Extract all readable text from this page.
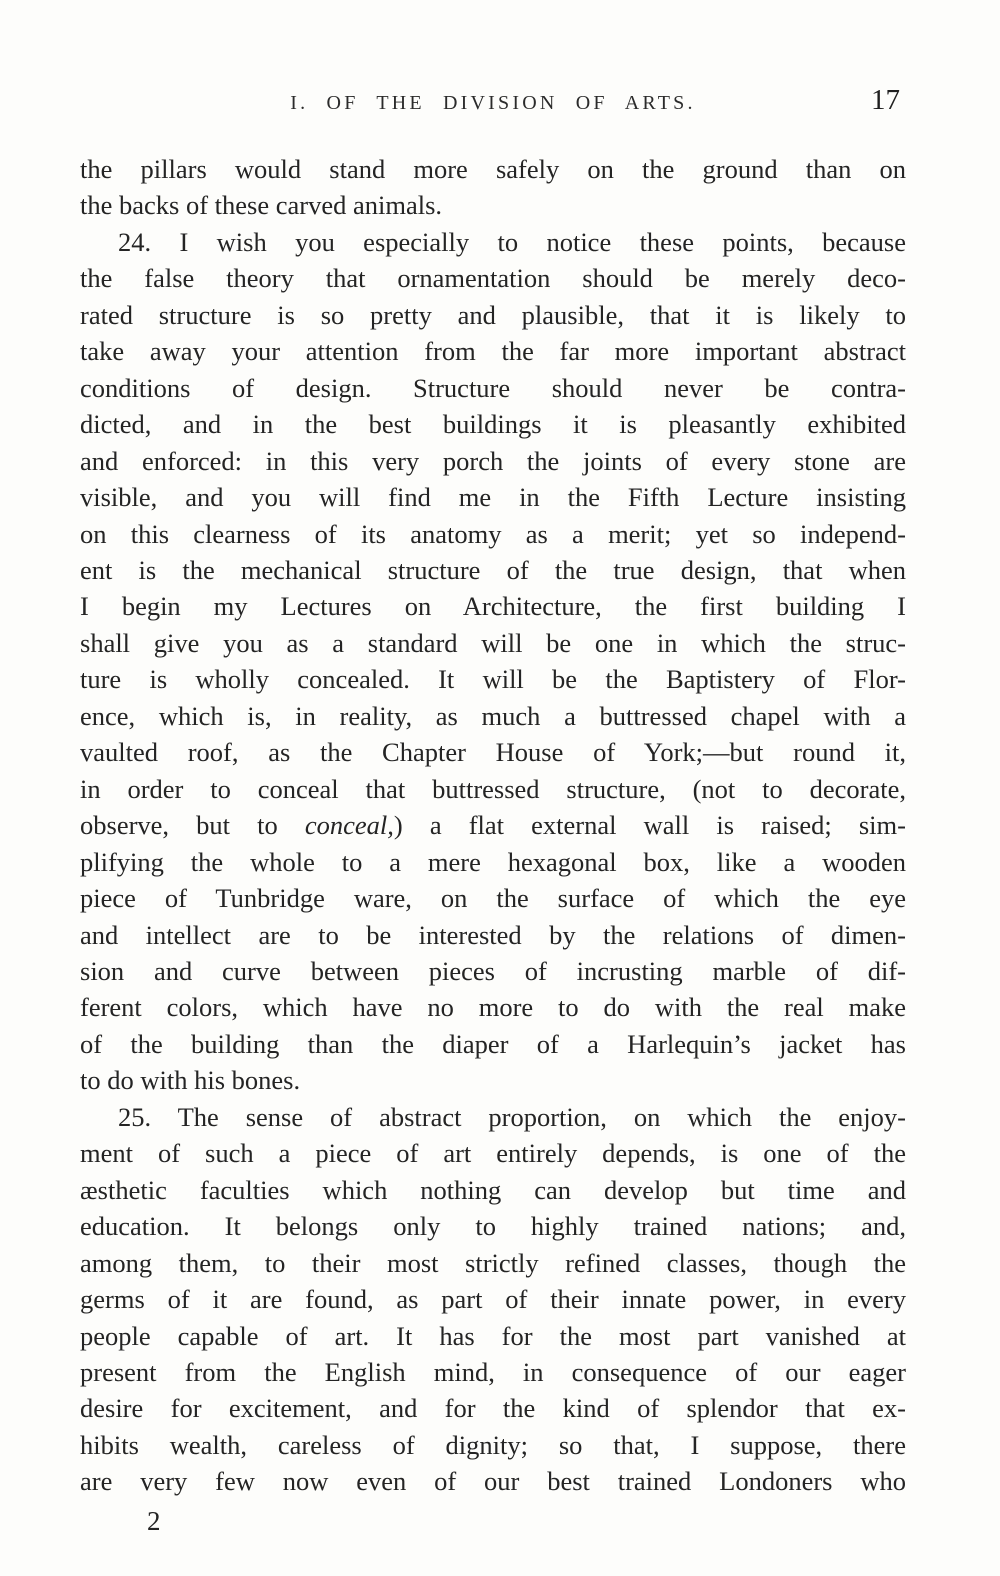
I. OF THE DIVISION OF ARTS.	17
the pillars would stand more safely on the ground than on
the backs of these carved animals.
24. I wish you especially to notice these points, because
the false theory that ornamentation should be merely deco-
rated structure is so pretty and plausible, that it is likely to
take away your attention from the far more important abstract
conditions of design. Structure should never be contra-
dicted, and in the best buildings it is pleasantly exhibited
and enforced: in this very porch the joints of every stone are
visible, and you will find me in the Fifth Lecture insisting
on this clearness of its anatomy as a merit; yet so independ-
ent is the mechanical structure of the true design, that when
I begin my Lectures on Architecture, the first building I
shall give you as a standard will be one in which the struc-
ture is wholly concealed. It will be the Baptistery of Flor-
ence, which is, in reality, as much a buttressed chapel with a
vaulted roof, as the Chapter House of York;—but round it,
in order to conceal that buttressed structure, (not to decorate,
observe, but to conceal,) a flat external wall is raised; sim-
plifying the whole to a mere hexagonal box, like a wooden
piece of Tunbridge ware, on the surface of which the eye
and intellect are to be interested by the relations of dimen-
sion and curve between pieces of incrusting marble of dif-
ferent colors, which have no more to do with the real make
of the building than the diaper of a Harlequin’s jacket has
to do with his bones.
25. The sense of abstract proportion, on which the enjoy-
ment of such a piece of art entirely depends, is one of the
æsthetic faculties which nothing can develop but time and
education. It belongs only to highly trained nations; and,
among them, to their most strictly refined classes, though the
germs of it are found, as part of their innate power, in every
people capable of art. It has for the most part vanished at
present from the English mind, in consequence of our eager
desire for excitement, and for the kind of splendor that ex-
hibits wealth, careless of dignity; so that, I suppose, there
are very few now even of our best trained Londoners who
2
